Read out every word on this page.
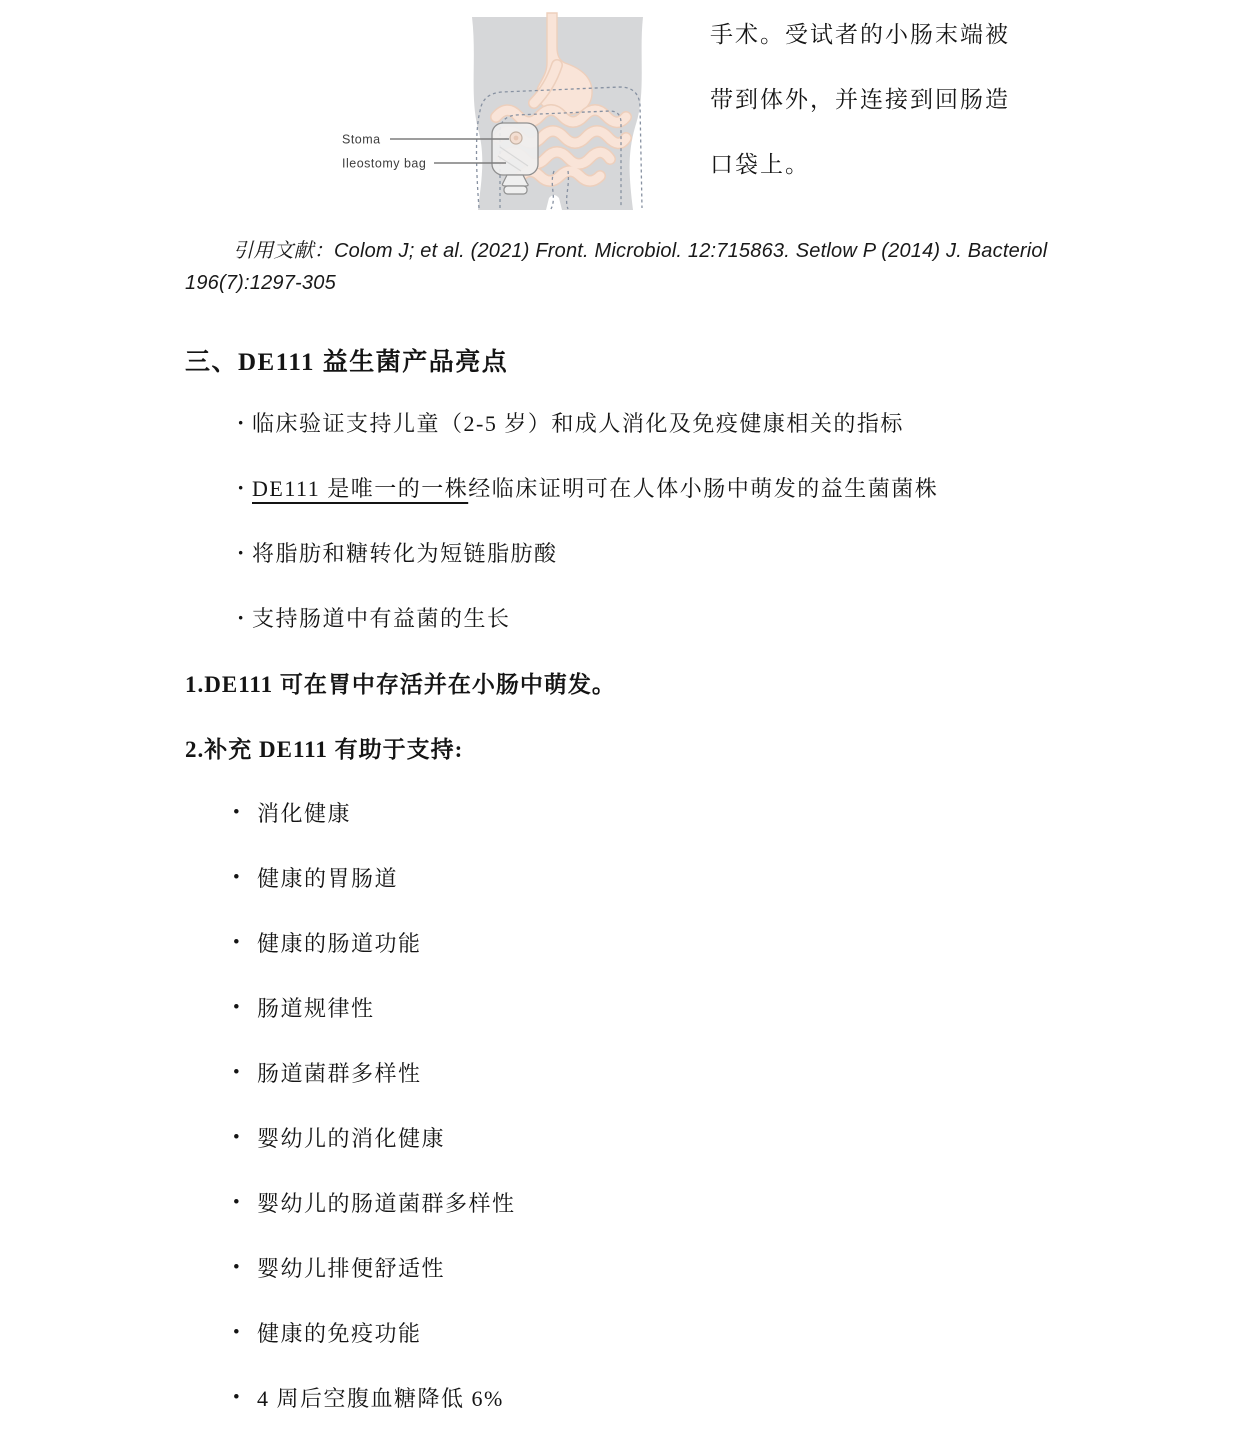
Stoma
Ileostomy bag
手术。受试者的小肠末端被
带到体外，并连接到回肠造
口袋上。
引用文献：Colom J; et al. (2021) Front. Microbiol. 12:715863. Setlow P (2014) J. Bacteriol
196(7):1297-305
三、DE111 益生菌产品亮点
· 临床验证支持儿童（2-5 岁）和成人消化及免疫健康相关的指标
· DE111 是唯一的一株经临床证明可在人体小肠中萌发的益生菌菌株
· 将脂肪和糖转化为短链脂肪酸
· 支持肠道中有益菌的生长
1.DE111 可在胃中存活并在小肠中萌发。
2.补充 DE111 有助于支持:
• 消化健康
• 健康的胃肠道
• 健康的肠道功能
• 肠道规律性
• 肠道菌群多样性
• 婴幼儿的消化健康
• 婴幼儿的肠道菌群多样性
• 婴幼儿排便舒适性
• 健康的免疫功能
• 4 周后空腹血糖降低 6%
